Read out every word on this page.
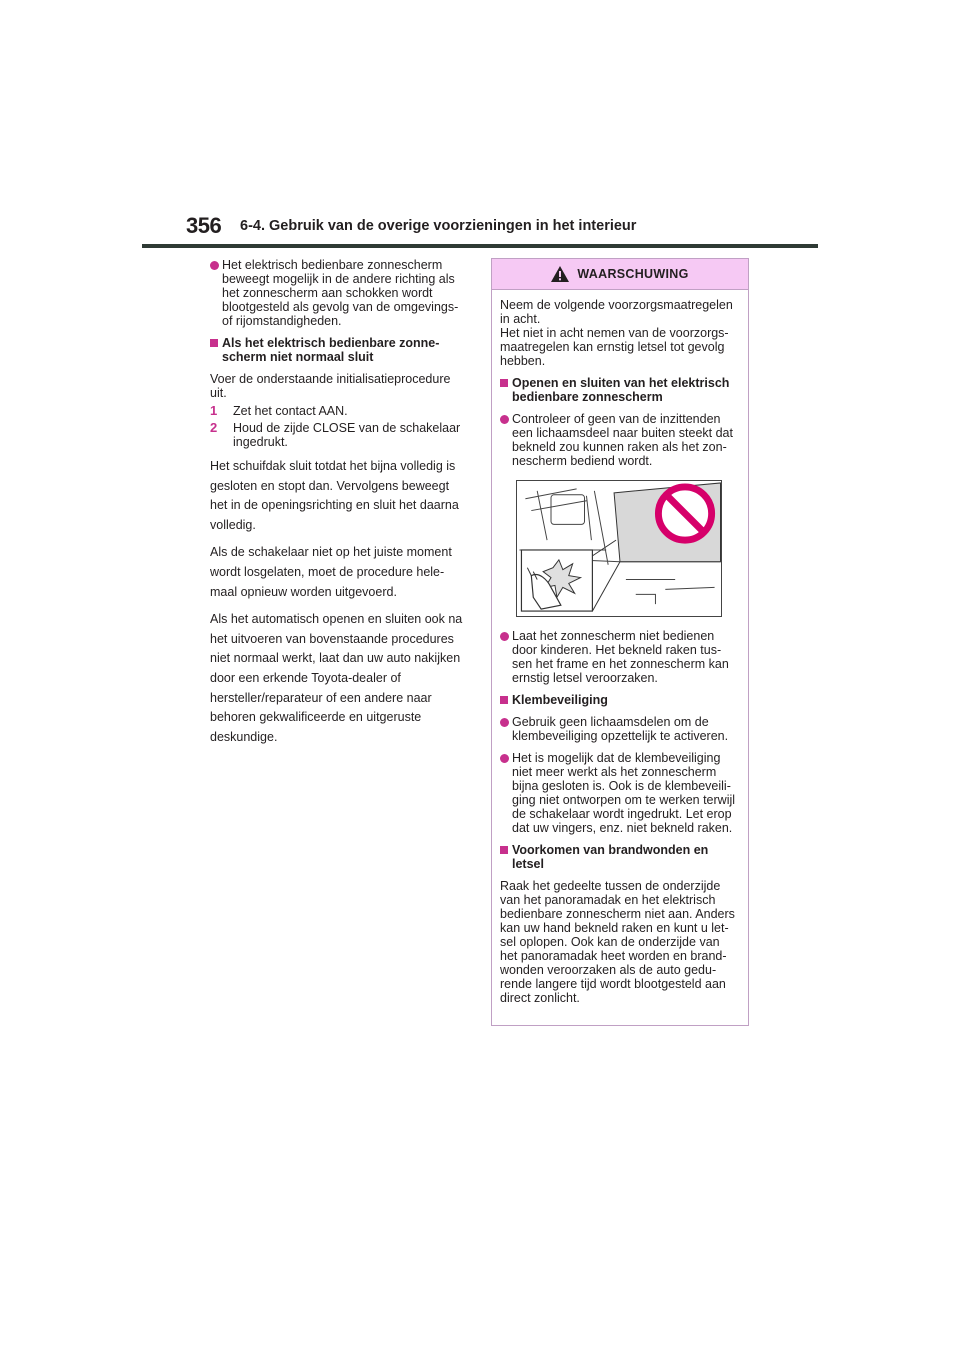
356 6-4. Gebruik van de overige voorzieningen in het interieur
Het elektrisch bedienbare zonnescherm beweegt mogelijk in de andere richting als het zonnescherm aan schokken wordt blootgesteld als gevolg van de omgevings- of rijomstandigheden.
Als het elektrisch bedienbare zonne-scherm niet normaal sluit
Voer de onderstaande initialisatieprocedure uit.
1 Zet het contact AAN.
2 Houd de zijde CLOSE van de schakelaar ingedrukt.
Het schuifdak sluit totdat het bijna volledig is gesloten en stopt dan. Vervolgens beweegt het in de openingsrichting en sluit het daarna volledig.
Als de schakelaar niet op het juiste moment wordt losgelaten, moet de procedure hele-maal opnieuw worden uitgevoerd.
Als het automatisch openen en sluiten ook na het uitvoeren van bovenstaande procedures niet normaal werkt, laat dan uw auto nakijken door een erkende Toyota-dealer of hersteller/reparateur of een andere naar behoren gekwalificeerde en uitgeruste deskundige.
WAARSCHUWING
Neem de volgende voorzorgsmaatregelen in acht.
Het niet in acht nemen van de voorzorgs-maatregelen kan ernstig letsel tot gevolg hebben.
Openen en sluiten van het elektrisch bedienbare zonnescherm
Controleer of geen van de inzittenden een lichaamsdeel naar buiten steekt dat bekneld zou kunnen raken als het zon-nescherm bediend wordt.
Laat het zonnescherm niet bedienen door kinderen. Het bekneld raken tus-sen het frame en het zonnescherm kan ernstig letsel veroorzaken.
Klembeveiliging
Gebruik geen lichaamsdelen om de klembeveiliging opzettelijk te activeren.
Het is mogelijk dat de klembeveiliging niet meer werkt als het zonnescherm bijna gesloten is. Ook is de klembeveili-ging niet ontworpen om te werken terwijl de schakelaar wordt ingedrukt. Let erop dat uw vingers, enz. niet bekneld raken.
Voorkomen van brandwonden en letsel
Raak het gedeelte tussen de onderzijde van het panoramadak en het elektrisch bedienbare zonnescherm niet aan. Anders kan uw hand bekneld raken en kunt u let-sel oplopen. Ook kan de onderzijde van het panoramadak heet worden en brand-wonden veroorzaken als de auto gedu-rende langere tijd wordt blootgesteld aan direct zonlicht.
